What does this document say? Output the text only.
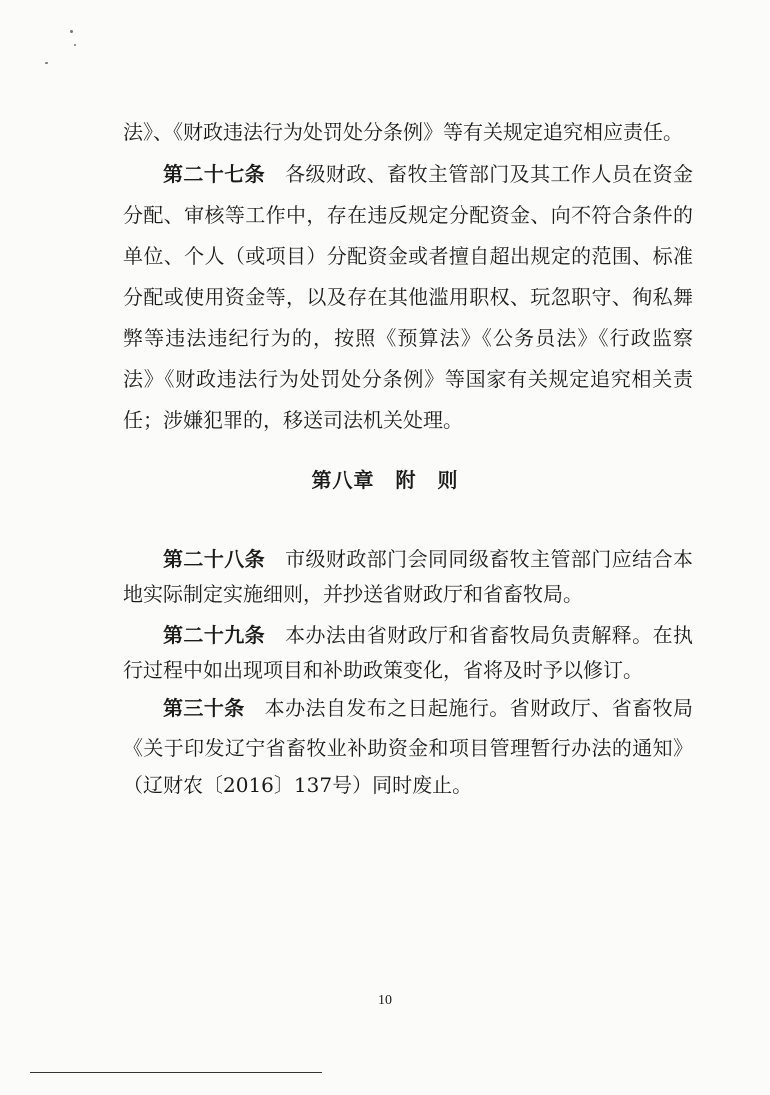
法》、《财政违法行为处罚处分条例》等有关规定追究相应责任。
第二十七条 各级财政、畜牧主管部门及其工作人员在资金
分配、审核等工作中，存在违反规定分配资金、向不符合条件的
单位、个人（或项目）分配资金或者擅自超出规定的范围、标准
分配或使用资金等，以及存在其他滥用职权、玩忽职守、徇私舞
弊等违法违纪行为的，按照《预算法》《公务员法》《行政监察
法》《财政违法行为处罚处分条例》等国家有关规定追究相关责
任；涉嫌犯罪的，移送司法机关处理。
第八章　附　则
第二十八条 市级财政部门会同同级畜牧主管部门应结合本
地实际制定实施细则，并抄送省财政厅和省畜牧局。
第二十九条 本办法由省财政厅和省畜牧局负责解释。在执
行过程中如出现项目和补助政策变化，省将及时予以修订。
第三十条 本办法自发布之日起施行。省财政厅、省畜牧局
《关于印发辽宁省畜牧业补助资金和项目管理暂行办法的通知》
（辽财农〔2016〕137号）同时废止。
10
